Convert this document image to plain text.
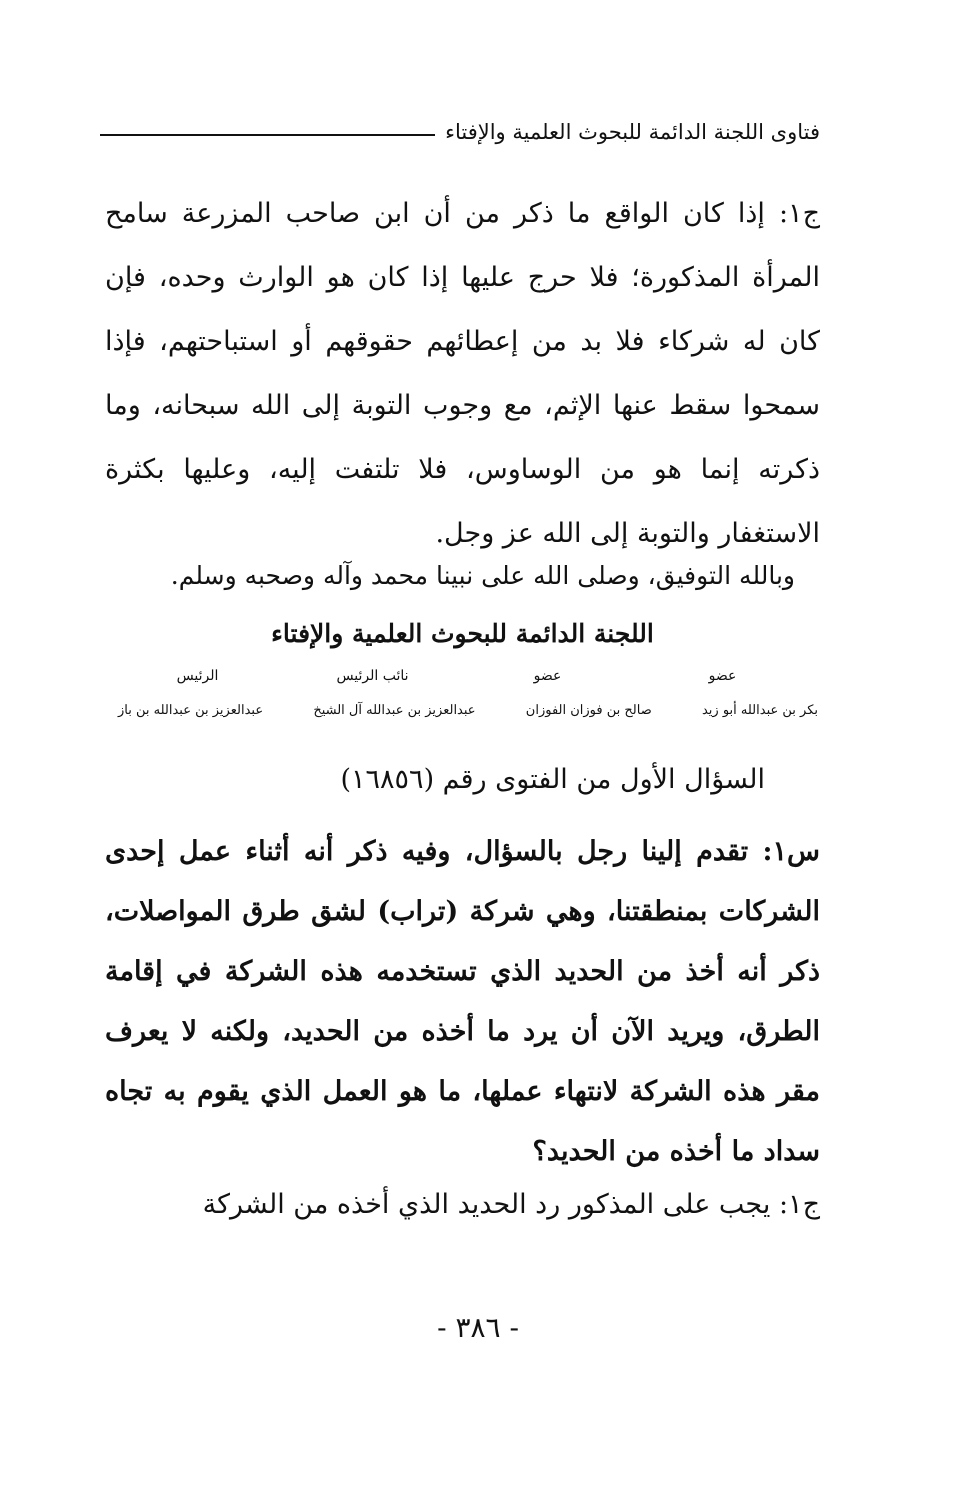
فتاوى اللجنة الدائمة للبحوث العلمية والإفتاء
ج١: إذا كان الواقع ما ذكر من أن ابن صاحب المزرعة سامح المرأة المذكورة؛ فلا حرج عليها إذا كان هو الوارث وحده، فإن كان له شركاء فلا بد من إعطائهم حقوقهم أو استباحتهم، فإذا سمحوا سقط عنها الإثم، مع وجوب التوبة إلى الله سبحانه، وما ذكرته إنما هو من الوساوس، فلا تلتفت إليه، وعليها بكثرة الاستغفار والتوبة إلى الله عز وجل.
وبالله التوفيق، وصلى الله على نبينا محمد وآله وصحبه وسلم.
اللجنة الدائمة للبحوث العلمية والإفتاء
عضو
عضو
نائب الرئيس
الرئيس
بكر بن عبدالله أبو زيد
صالح بن فوزان الفوزان
عبدالعزيز بن عبدالله آل الشيخ
عبدالعزيز بن عبدالله بن باز
السؤال الأول من الفتوى رقم (١٦٨٥٦)
س١: تقدم إلينا رجل بالسؤال، وفيه ذكر أنه أثناء عمل إحدى الشركات بمنطقتنا، وهي شركة (تراب) لشق طرق المواصلات، ذكر أنه أخذ من الحديد الذي تستخدمه هذه الشركة في إقامة الطرق، ويريد الآن أن يرد ما أخذه من الحديد، ولكنه لا يعرف مقر هذه الشركة لانتهاء عملها، ما هو العمل الذي يقوم به تجاه سداد ما أخذه من الحديد؟
ج١: يجب على المذكور رد الحديد الذي أخذه من الشركة
- ٣٨٦ -
